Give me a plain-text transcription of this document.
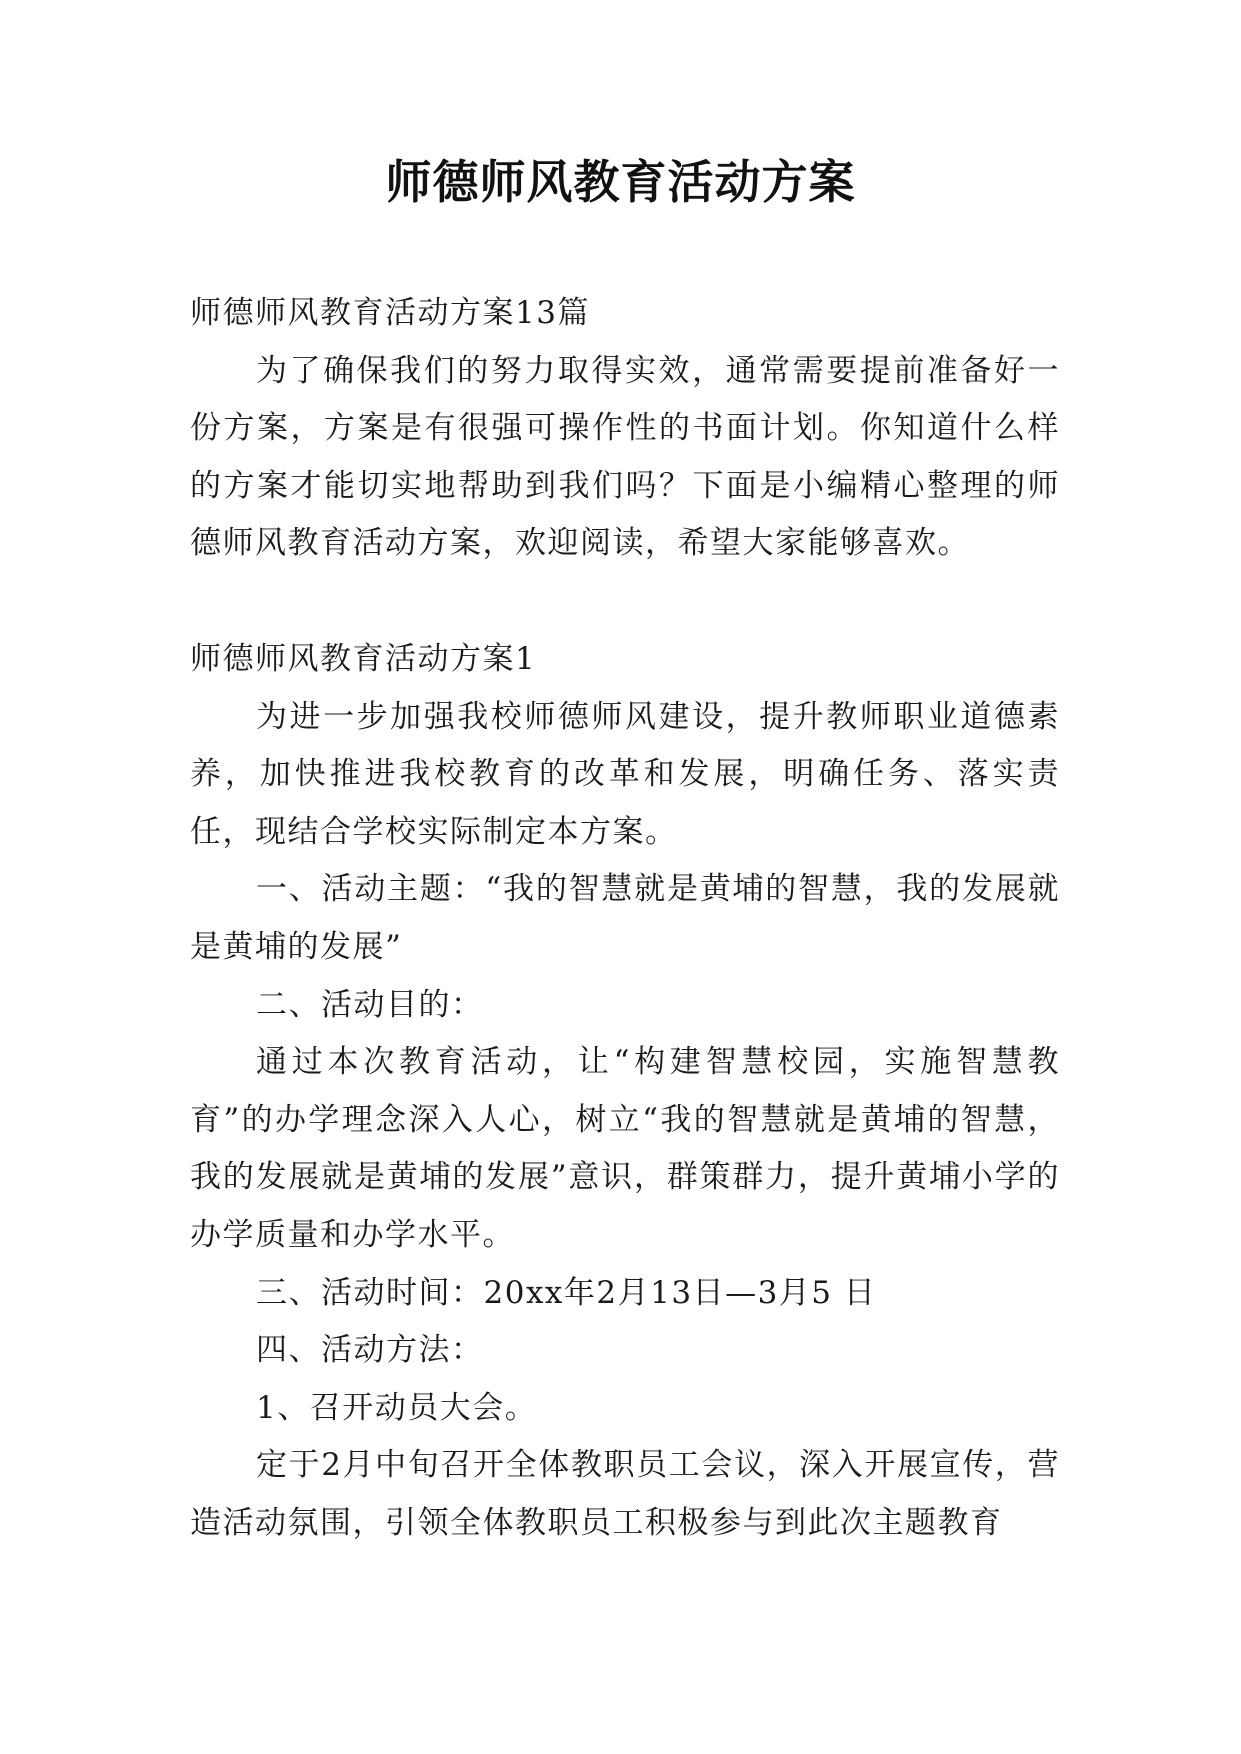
师德师风教育活动方案

师德师风教育活动方案13篇

为了确保我们的努力取得实效，通常需要提前准备好一份方案，方案是有很强可操作性的书面计划。你知道什么样的方案才能切实地帮助到我们吗？下面是小编精心整理的师德师风教育活动方案，欢迎阅读，希望大家能够喜欢。

师德师风教育活动方案1

为进一步加强我校师德师风建设，提升教师职业道德素养，加快推进我校教育的改革和发展，明确任务、落实责任，现结合学校实际制定本方案。

一、活动主题：“我的智慧就是黄埔的智慧，我的发展就是黄埔的发展”

二、活动目的：

通过本次教育活动，让“构建智慧校园，实施智慧教育”的办学理念深入人心，树立“我的智慧就是黄埔的智慧，我的发展就是黄埔的发展”意识，群策群力，提升黄埔小学的办学质量和办学水平。

三、活动时间：20xx年2月13日—3月5 日

四、活动方法：

1、召开动员大会。

定于2月中旬召开全体教职员工会议，深入开展宣传，营造活动氛围，引领全体教职员工积极参与到此次主题教育
